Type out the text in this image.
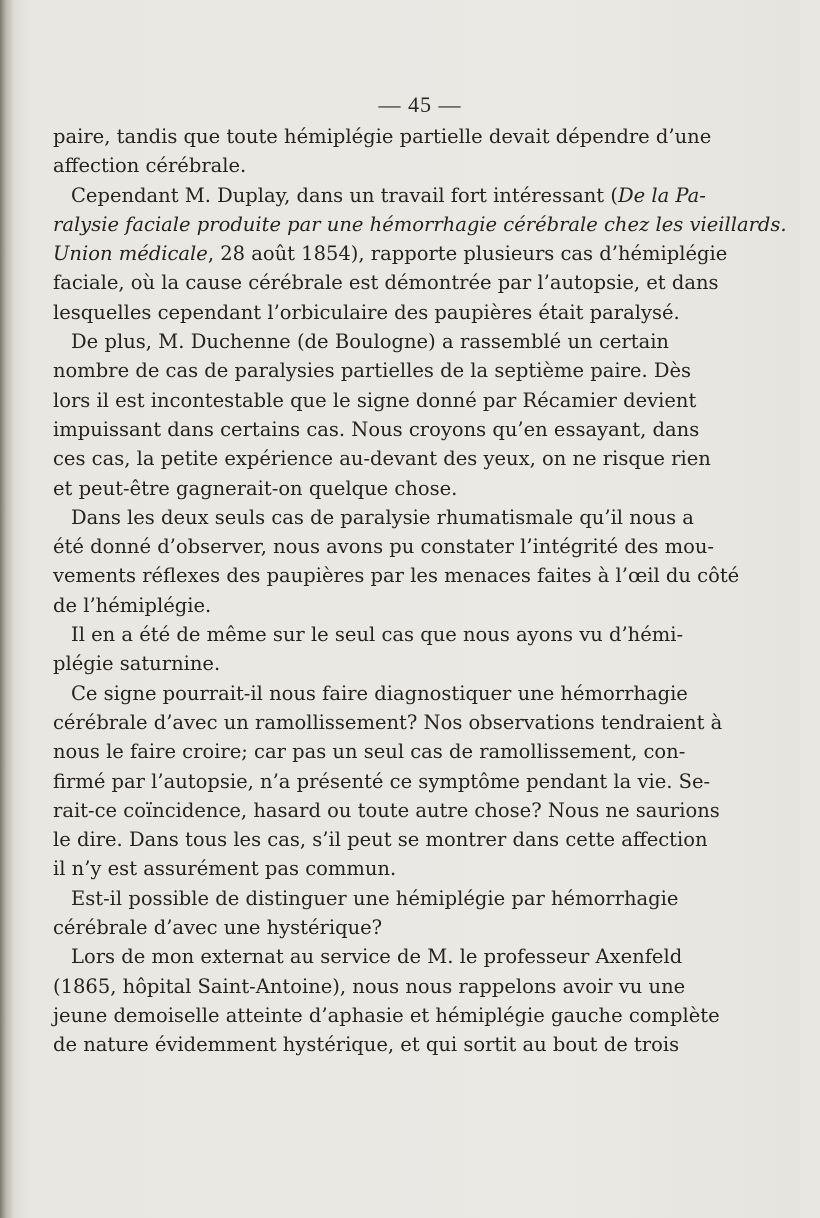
— 45 —
paire, tandis que toute hémiplégie partielle devait dépendre d’une
affection cérébrale.
Cependant M. Duplay, dans un travail fort intéressant (De la Pa-
ralysie faciale produite par une hémorrhagie cérébrale chez les vieillards.
Union médicale, 28 août 1854), rapporte plusieurs cas d’hémiplégie
faciale, où la cause cérébrale est démontrée par l’autopsie, et dans
lesquelles cependant l’orbiculaire des paupières était paralysé.
De plus, M. Duchenne (de Boulogne) a rassemblé un certain
nombre de cas de paralysies partielles de la septième paire. Dès
lors il est incontestable que le signe donné par Récamier devient
impuissant dans certains cas. Nous croyons qu’en essayant, dans
ces cas, la petite expérience au-devant des yeux, on ne risque rien
et peut-être gagnerait-on quelque chose.
Dans les deux seuls cas de paralysie rhumatismale qu’il nous a
été donné d’observer, nous avons pu constater l’intégrité des mou-
vements réflexes des paupières par les menaces faites à l’œil du côté
de l’hémiplégie.
Il en a été de même sur le seul cas que nous ayons vu d’hémi-
plégie saturnine.
Ce signe pourrait-il nous faire diagnostiquer une hémorrhagie
cérébrale d’avec un ramollissement? Nos observations tendraient à
nous le faire croire; car pas un seul cas de ramollissement, con-
firmé par l’autopsie, n’a présenté ce symptôme pendant la vie. Se-
rait-ce coïncidence, hasard ou toute autre chose? Nous ne saurions
le dire. Dans tous les cas, s’il peut se montrer dans cette affection
il n’y est assurément pas commun.
Est-il possible de distinguer une hémiplégie par hémorrhagie
cérébrale d’avec une hystérique?
Lors de mon externat au service de M. le professeur Axenfeld
(1865, hôpital Saint-Antoine), nous nous rappelons avoir vu une
jeune demoiselle atteinte d’aphasie et hémiplégie gauche complète
de nature évidemment hystérique, et qui sortit au bout de trois
